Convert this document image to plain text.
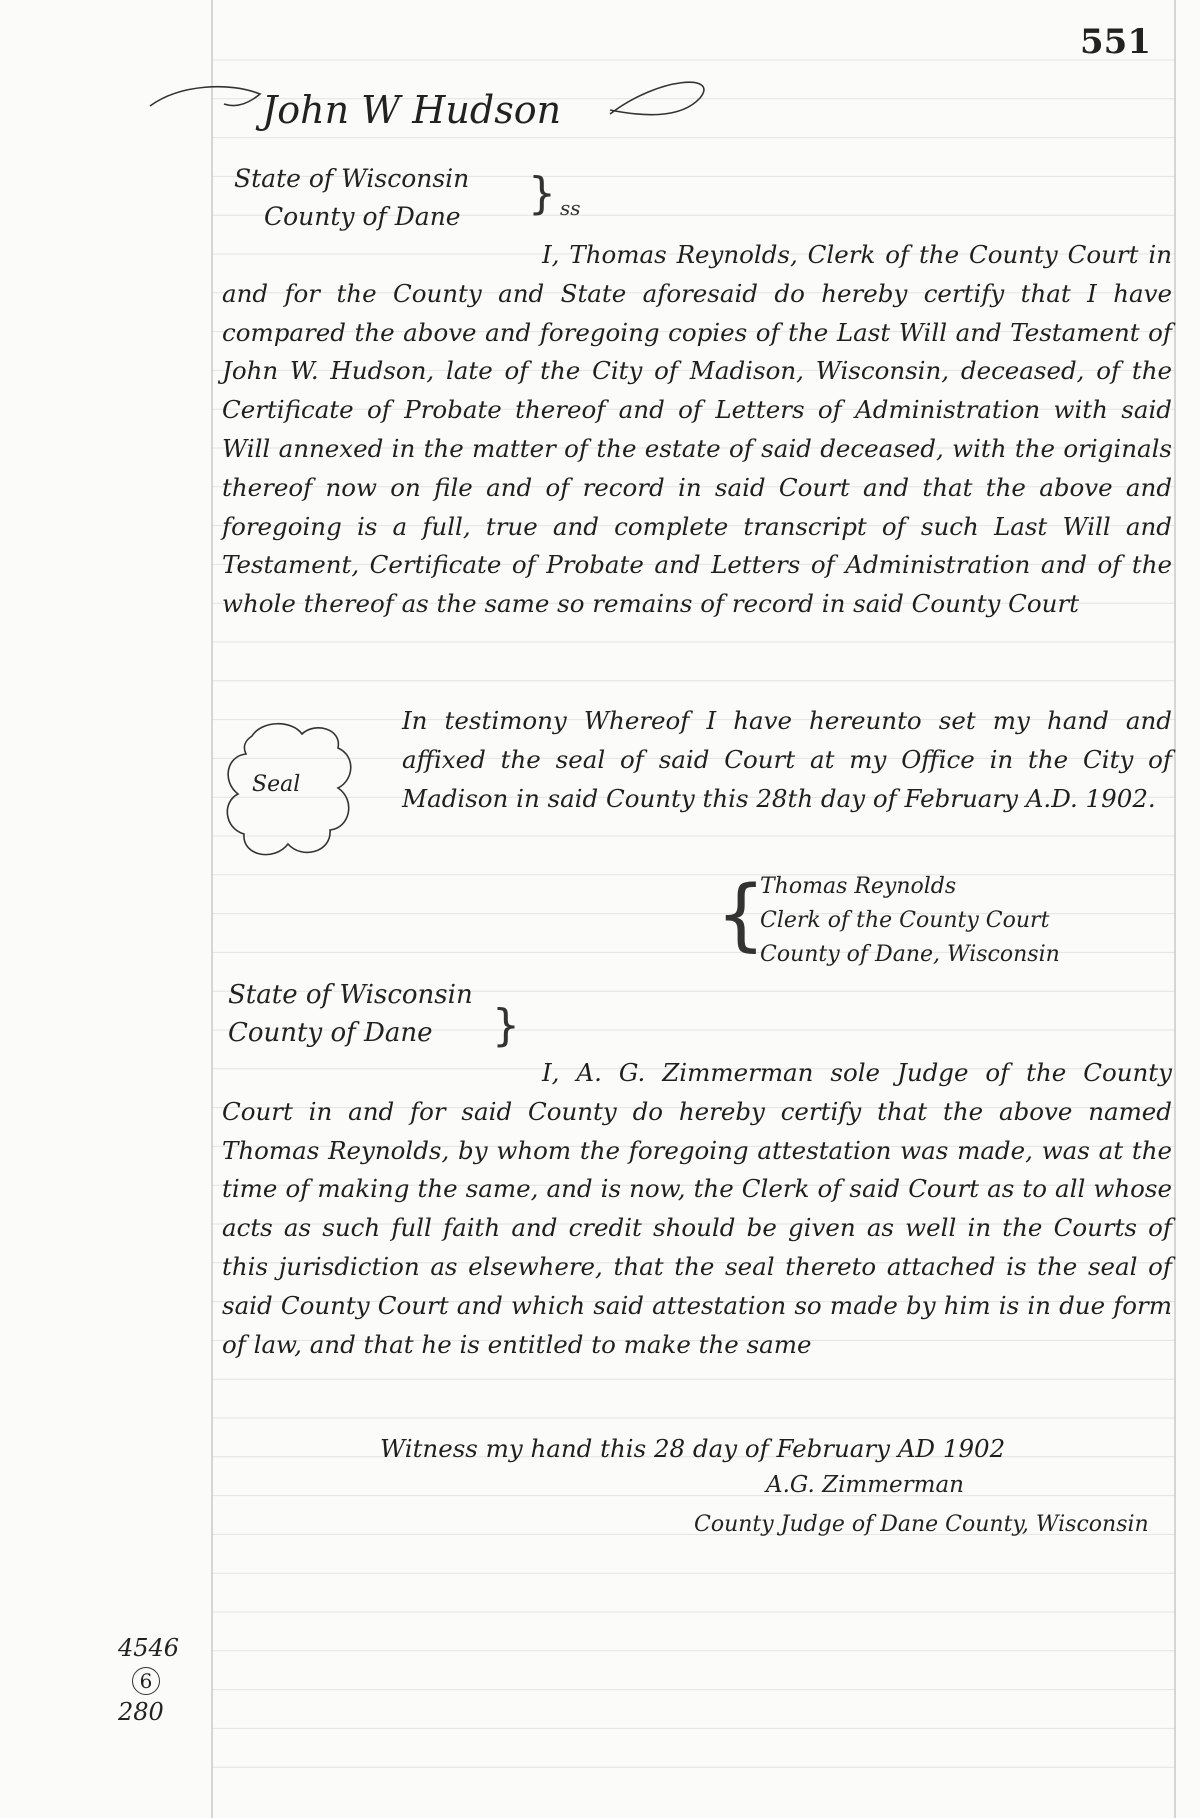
551
John W Hudson
State of Wisconsin
County of Dane } ss

I, Thomas Reynolds, Clerk of the County Court in and for the County and State aforesaid do hereby certify that I have compared the above and foregoing copies of the Last Will and Testament of John W. Hudson, late of the City of Madison, Wisconsin, deceased, of the Certificate of Probate thereof and of Letters of Administration with said Will annexed in the matter of the estate of said deceased, with the originals thereof now on file and of record in said Court and that the above and foregoing is a full, true and complete transcript of such Last Will and Testament, Certificate of Probate and Letters of Administration and of the whole thereof as the same so remains of record in said County Court

Seal

In testimony Whereof I have hereunto set my hand and affixed the seal of said Court at my Office in the City of Madison in said County this 28th day of February A.D. 1902.

{
Thomas Reynolds
Clerk of the County Court
County of Dane, Wisconsin
State of Wisconsin
County of Dane	}

I, A. G. Zimmerman sole Judge of the County Court in and for said County do hereby certify that the above named Thomas Reynolds, by whom the foregoing attestation was made, was at the time of making the same, and is now, the Clerk of said Court as to all whose acts as such full faith and credit should be given as well in the Courts of this jurisdiction as elsewhere, that the seal thereto attached is the seal of said County Court and which said attestation so made by him is in due form of law, and that he is entitled to make the same

Witness my hand this 28 day of February AD 1902
A.G. Zimmerman
County Judge of Dane County, Wisconsin
4546
6
280
